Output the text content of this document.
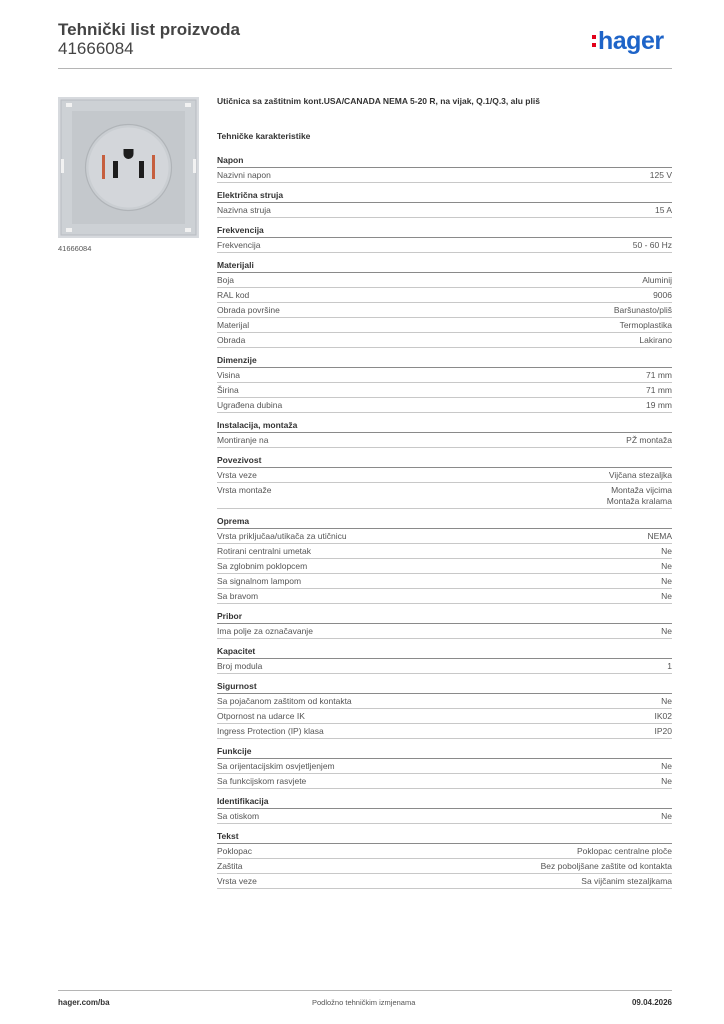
Tehnički list proizvoda
41666084	hager
41666084
Utičnica sa zaštitnim kont.USA/CANADA NEMA 5-20 R, na vijak, Q.1/Q.3, alu pliš
Tehničke karakteristike
Napon
Nazivni napon	125 V
Električna struja
Nazivna struja	15 A
Frekvencija
Frekvencija	50 - 60 Hz
Materijali
Boja	Aluminij
RAL kod	9006
Obrada površine	Baršunasto/pliš
Materijal	Termoplastika
Obrada	Lakirano
Dimenzije
Visina	71 mm
Širina	71 mm
Ugrađena dubina	19 mm
Instalacija, montaža
Montiranje na	PŽ montaža
Povezivost
Vrsta veze	Vijčana stezaljka
Vrsta montaže	Montaža vijcima
Montaža kralama
Oprema
Vrsta priključaa/utikača za utičnicu	NEMA
Rotirani centralni umetak	Ne
Sa zglobnim poklopcem	Ne
Sa signalnom lampom	Ne
Sa bravom	Ne
Pribor
Ima polje za označavanje	Ne
Kapacitet
Broj modula	1
Sigurnost
Sa pojačanom zaštitom od kontakta	Ne
Otpornost na udarce IK	IK02
Ingress Protection (IP) klasa	IP20
Funkcije
Sa orijentacijskim osvjetljenjem	Ne
Sa funkcijskom rasvjete	Ne
Identifikacija
Sa otiskom	Ne
Tekst
Poklopac	Poklopac centralne ploče
Zaštita	Bez poboljšane zaštite od kontakta
Vrsta veze	Sa vijčanim stezaljkama
hager.com/ba	Podložno tehničkim izmjenama	09.04.2026
